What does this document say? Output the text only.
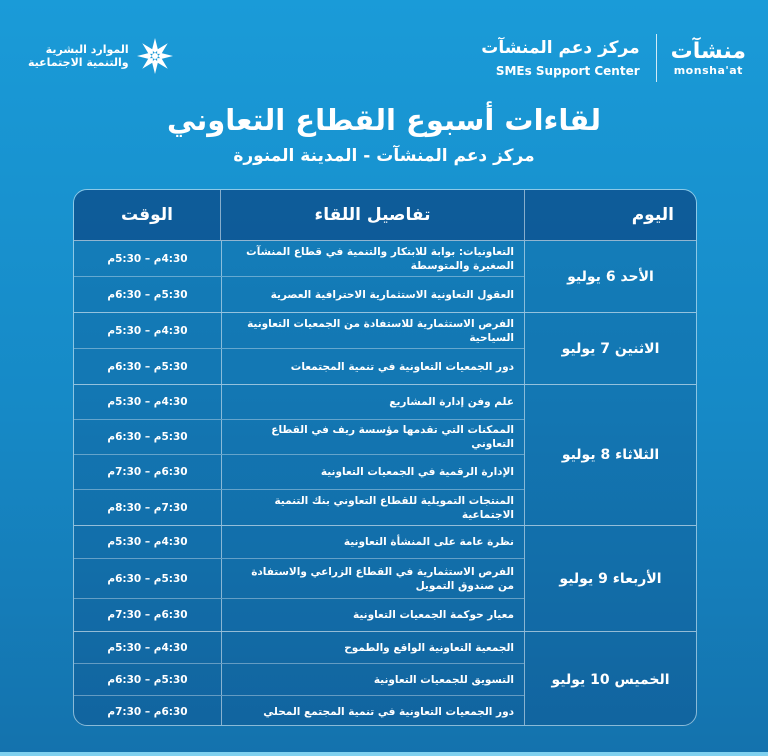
مركز دعم المنشآت
SMEs Support Center
منشآت
monsha'at
الموارد البشرية
والتنمية الاجتماعية
لقاءات أسبوع القطاع التعاوني
مركز دعم المنشآت - المدينة المنورة
اليوم
تفاصيل اللقاء
الوقت
الأحد 6 يوليو
التعاونيات: بوابة للابتكار والتنمية في قطاع المنشآت الصغيرة والمتوسطة
4:30م – 5:30م
العقول التعاونية الاستثمارية الاحترافية العصرية
5:30م – 6:30م
الاثنين 7 يوليو
الفرص الاستثمارية للاستفادة من الجمعيات التعاونية السياحية
4:30م – 5:30م
دور الجمعيات التعاونية في تنمية المجتمعات
5:30م – 6:30م
الثلاثاء 8 يوليو
علم وفن إدارة المشاريع
4:30م – 5:30م
الممكنات التي تقدمها مؤسسة ريف في القطاع التعاوني
5:30م – 6:30م
الإدارة الرقمية في الجمعيات التعاونية
6:30م – 7:30م
المنتجات التمويلية للقطاع التعاوني بنك التنمية الاجتماعية
7:30م – 8:30م
الأربعاء 9 يوليو
نظرة عامة على المنشأة التعاونية
4:30م – 5:30م
الفرص الاستثمارية في القطاع الزراعي والاستفادة من صندوق التمويل
5:30م – 6:30م
معيار حوكمة الجمعيات التعاونية
6:30م – 7:30م
الخميس 10 يوليو
الجمعية التعاونية الواقع والطموح
4:30م – 5:30م
التسويق للجمعيات التعاونية
5:30م – 6:30م
دور الجمعيات التعاونية في تنمية المجتمع المحلي
6:30م – 7:30م
